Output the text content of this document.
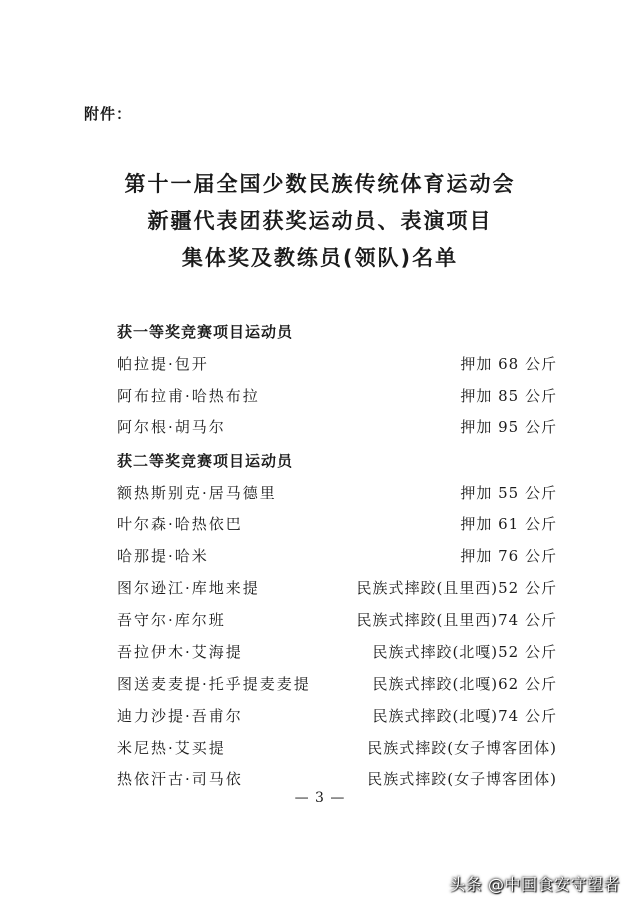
附件：
第十一届全国少数民族传统体育运动会
新疆代表团获奖运动员、表演项目
集体奖及教练员(领队)名单
获一等奖竞赛项目运动员
帕拉提·包开	押加 68 公斤
阿布拉甫·哈热布拉	押加 85 公斤
阿尔根·胡马尔	押加 95 公斤
获二等奖竞赛项目运动员
额热斯别克·居马德里	押加 55 公斤
叶尔森·哈热依巴	押加 61 公斤
哈那提·哈米	押加 76 公斤
图尔逊江·库地来提	民族式摔跤(且里西)52 公斤
吾守尔·库尔班	民族式摔跤(且里西)74 公斤
吾拉伊木·艾海提	民族式摔跤(北嘎)52 公斤
图送麦麦提·托乎提麦麦提	民族式摔跤(北嘎)62 公斤
迪力沙提·吾甫尔	民族式摔跤(北嘎)74 公斤
米尼热·艾买提	民族式摔跤(女子博客团体)
热依汗古·司马依	民族式摔跤(女子博客团体)
— 3 —
头条 @中国食安守望者
